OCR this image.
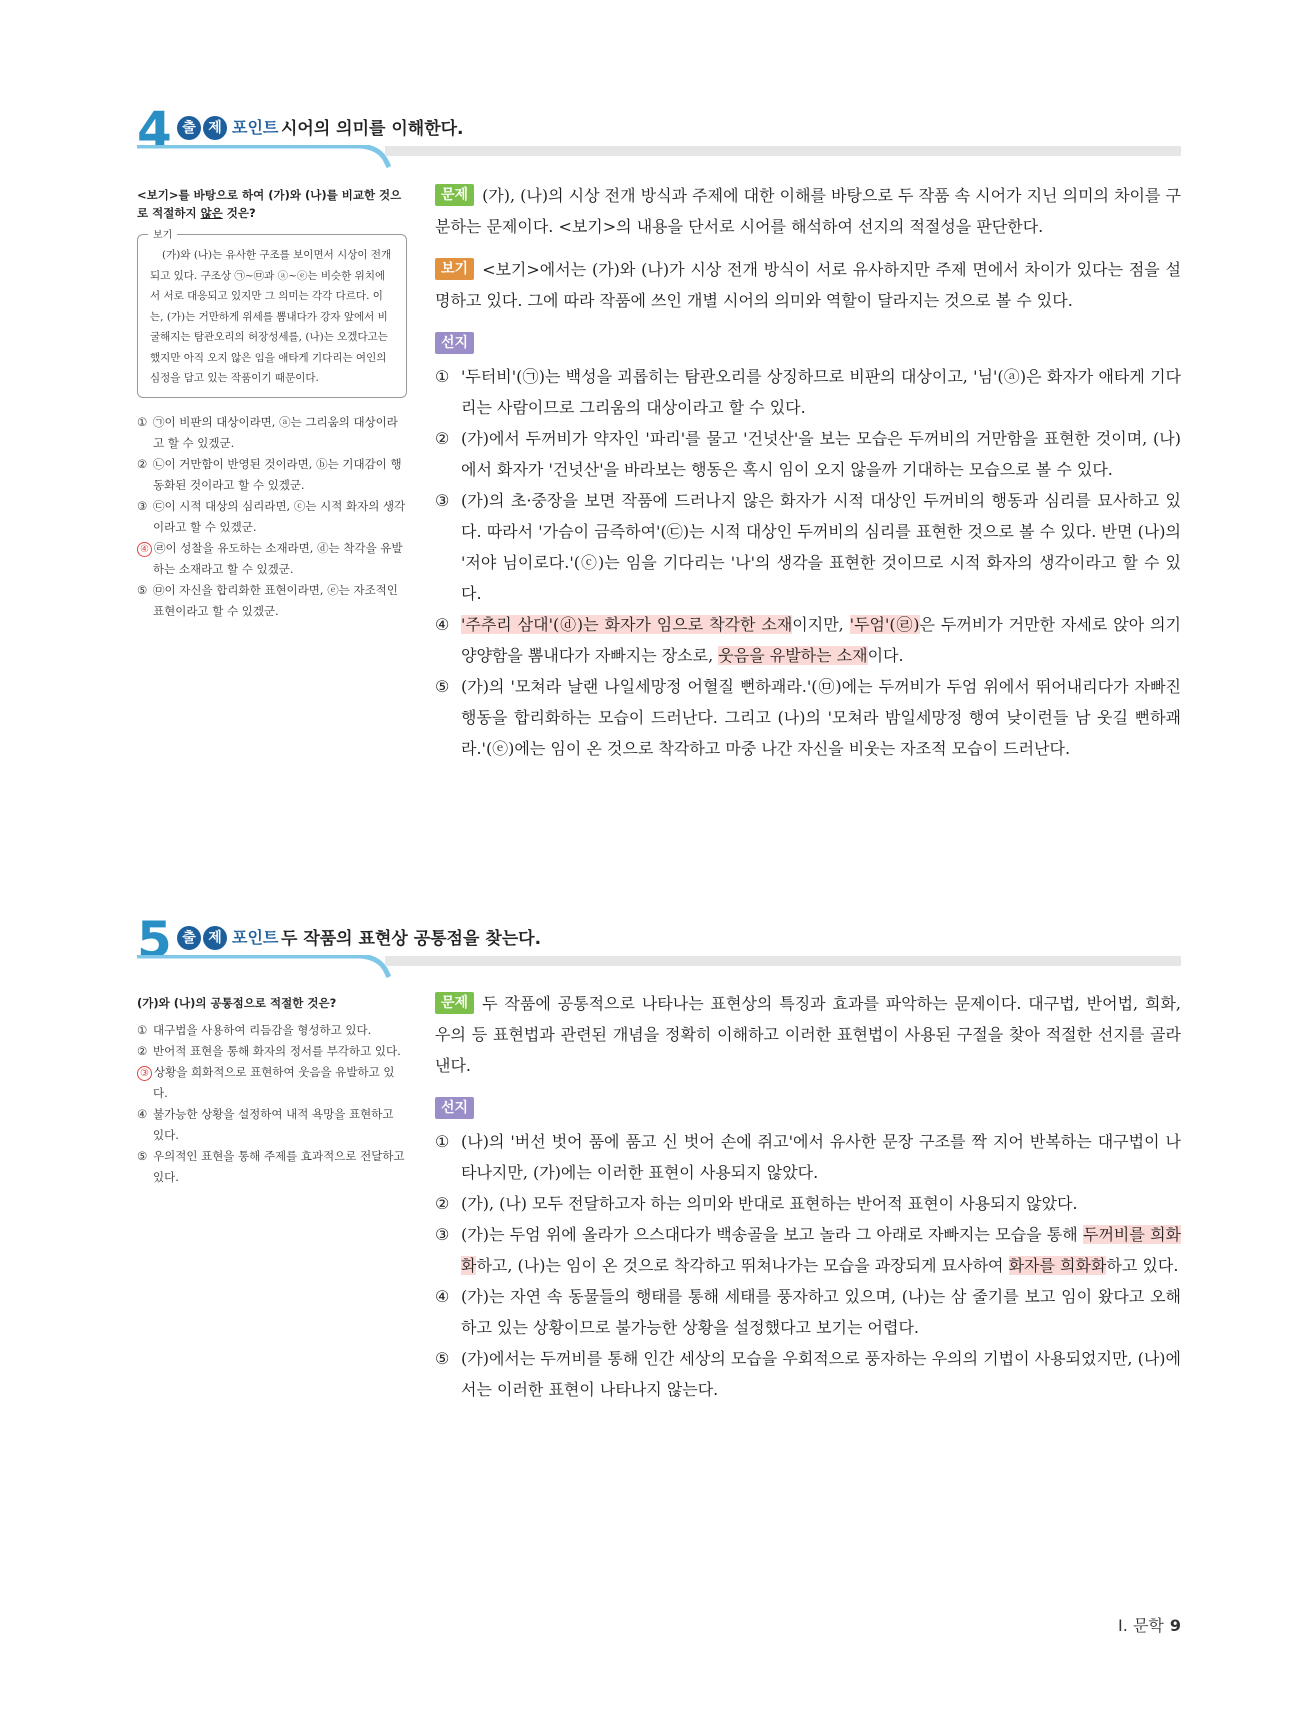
4 출 제 포인트 시어의 의미를 이해한다.
<보기>를 바탕으로 하여 (가)와 (나)를 비교한 것으로 적절하지 않은 것은?
보기
(가)와 (나)는 유사한 구조를 보이면서 시상이 전개되고 있다. 구조상 ㉠~㉤과 ⓐ~ⓔ는 비슷한 위치에서 서로 대응되고 있지만 그 의미는 각각 다르다. 이는, (가)는 거만하게 위세를 뽐내다가 강자 앞에서 비굴해지는 탐관오리의 허장성세를, (나)는 오겠다고는 했지만 아직 오지 않은 임을 애타게 기다리는 여인의 심정을 담고 있는 작품이기 때문이다.
① ㉠이 비판의 대상이라면, ⓐ는 그리움의 대상이라고 할 수 있겠군.
② ㉡이 거만함이 반영된 것이라면, ⓑ는 기대감이 행동화된 것이라고 할 수 있겠군.
③ ㉢이 시적 대상의 심리라면, ⓒ는 시적 화자의 생각이라고 할 수 있겠군.
④ ㉣이 성찰을 유도하는 소재라면, ⓓ는 착각을 유발하는 소재라고 할 수 있겠군.
⑤ ㉤이 자신을 합리화한 표현이라면, ⓔ는 자조적인 표현이라고 할 수 있겠군.

문제 (가), (나)의 시상 전개 방식과 주제에 대한 이해를 바탕으로 두 작품 속 시어가 지닌 의미의 차이를 구분하는 문제이다. <보기>의 내용을 단서로 시어를 해석하여 선지의 적절성을 판단한다.

보기 <보기>에서는 (가)와 (나)가 시상 전개 방식이 서로 유사하지만 주제 면에서 차이가 있다는 점을 설명하고 있다. 그에 따라 작품에 쓰인 개별 시어의 의미와 역할이 달라지는 것으로 볼 수 있다.

선지

① '두터비'(㉠)는 백성을 괴롭히는 탐관오리를 상징하므로 비판의 대상이고, '님'(ⓐ)은 화자가 애타게 기다리는 사람이므로 그리움의 대상이라고 할 수 있다.
② (가)에서 두꺼비가 약자인 '파리'를 물고 '건넛산'을 보는 모습은 두꺼비의 거만함을 표현한 것이며, (나)에서 화자가 '건넛산'을 바라보는 행동은 혹시 임이 오지 않을까 기대하는 모습으로 볼 수 있다.
③ (가)의 초·중장을 보면 작품에 드러나지 않은 화자가 시적 대상인 두꺼비의 행동과 심리를 묘사하고 있다. 따라서 '가슴이 금즉하여'(㉢)는 시적 대상인 두꺼비의 심리를 표현한 것으로 볼 수 있다. 반면 (나)의 '저야 님이로다.'(ⓒ)는 임을 기다리는 '나'의 생각을 표현한 것이므로 시적 화자의 생각이라고 할 수 있다.
④ '주추리 삼대'(ⓓ)는 화자가 임으로 착각한 소재이지만, '두엄'(㉣)은 두꺼비가 거만한 자세로 앉아 의기양양함을 뽐내다가 자빠지는 장소로, 웃음을 유발하는 소재이다.
⑤ (가)의 '모쳐라 날랜 나일세망정 어혈질 뻔하괘라.'(㉤)에는 두꺼비가 두엄 위에서 뛰어내리다가 자빠진 행동을 합리화하는 모습이 드러난다. 그리고 (나)의 '모쳐라 밤일세망정 행여 낮이런들 남 웃길 뻔하괘라.'(ⓔ)에는 임이 온 것으로 착각하고 마중 나간 자신을 비웃는 자조적 모습이 드러난다.
5 출 제 포인트 두 작품의 표현상 공통점을 찾는다.
(가)와 (나)의 공통점으로 적절한 것은?
① 대구법을 사용하여 리듬감을 형성하고 있다.
② 반어적 표현을 통해 화자의 정서를 부각하고 있다.
③ 상황을 희화적으로 표현하여 웃음을 유발하고 있다.
④ 불가능한 상황을 설정하여 내적 욕망을 표현하고 있다.
⑤ 우의적인 표현을 통해 주제를 효과적으로 전달하고 있다.

문제 두 작품에 공통적으로 나타나는 표현상의 특징과 효과를 파악하는 문제이다. 대구법, 반어법, 희화, 우의 등 표현법과 관련된 개념을 정확히 이해하고 이러한 표현법이 사용된 구절을 찾아 적절한 선지를 골라낸다.

선지

① (나)의 '버선 벗어 품에 품고 신 벗어 손에 쥐고'에서 유사한 문장 구조를 짝 지어 반복하는 대구법이 나타나지만, (가)에는 이러한 표현이 사용되지 않았다.
② (가), (나) 모두 전달하고자 하는 의미와 반대로 표현하는 반어적 표현이 사용되지 않았다.
③ (가)는 두엄 위에 올라가 으스대다가 백송골을 보고 놀라 그 아래로 자빠지는 모습을 통해 두꺼비를 희화화하고, (나)는 임이 온 것으로 착각하고 뛰쳐나가는 모습을 과장되게 묘사하여 화자를 희화화하고 있다.
④ (가)는 자연 속 동물들의 행태를 통해 세태를 풍자하고 있으며, (나)는 삼 줄기를 보고 임이 왔다고 오해하고 있는 상황이므로 불가능한 상황을 설정했다고 보기는 어렵다.
⑤ (가)에서는 두꺼비를 통해 인간 세상의 모습을 우회적으로 풍자하는 우의의 기법이 사용되었지만, (나)에서는 이러한 표현이 나타나지 않는다.
Ⅰ. 문학 9
